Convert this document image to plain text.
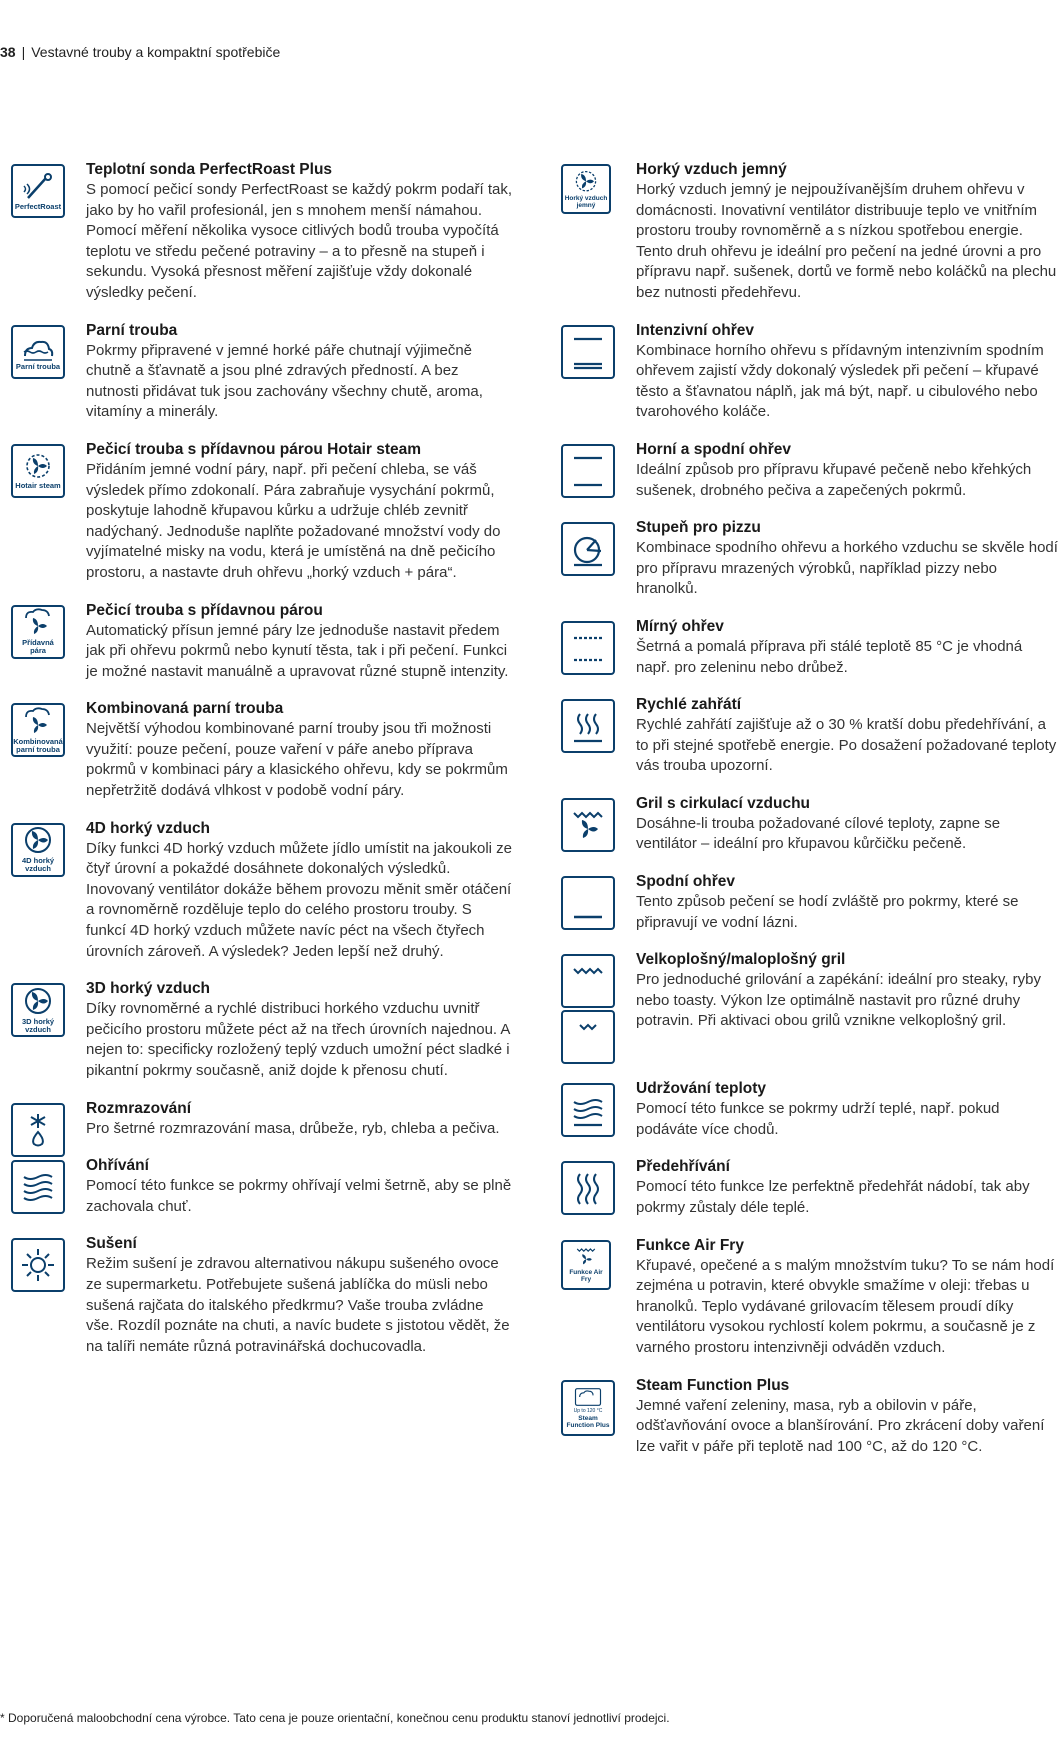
38 | Vestavné trouby a kompaktní spotřebiče
PerfectRoast
Teplotní sonda PerfectRoast Plus

S pomocí pečicí sondy PerfectRoast se každý pokrm podaří tak, jako by ho vařil profesionál, jen s mnohem menší námahou. Pomocí měření několika vysoce citlivých bodů trouba vypočítá teplotu ve středu pečené potraviny – a to přesně na stupeň i sekundu. Vysoká přesnost měření zajišťuje vždy dokonalé výsledky pečení.

Parní trouba
Parní trouba

Pokrmy připravené v jemné horké páře chutnají výjimečně chutně a šťavnatě a jsou plné zdravých předností. A bez nutnosti přidávat tuk jsou zachovány všechny chutě, aroma, vitamíny a minerály.

Hotair steam
Pečicí trouba s přídavnou párou Hotair steam

Přidáním jemné vodní páry, např. při pečení chleba, se váš výsledek přímo zdokonalí. Pára zabraňuje vysychání pokrmů, poskytuje lahodně křupavou kůrku a udržuje chléb zevnitř nadýchaný. Jednoduše naplňte požadované množství vody do vyjímatelné misky na vodu, která je umístěná na dně pečicího prostoru, a nastavte druh ohřevu „horký vzduch + pára“.

Přídavná pára
Pečicí trouba s přídavnou párou

Automatický přísun jemné páry lze jednoduše nastavit předem jak při ohřevu pokrmů nebo kynutí těsta, tak i při pečení. Funkci je možné nastavit manuálně a upravovat různé stupně intenzity.

Kombinovaná parní trouba
Kombinovaná parní trouba

Největší výhodou kombinované parní trouby jsou tři možnosti využití: pouze pečení, pouze vaření v páře anebo příprava pokrmů v kombinaci páry a klasického ohřevu, kdy se pokrmům nepřetržitě dodává vlhkost v podobě vodní páry.

4D horký vzduch
4D horký vzduch

Díky funkci 4D horký vzduch můžete jídlo umístit na jakoukoli ze čtyř úrovní a pokaždé dosáhnete dokonalých výsledků. Inovovaný ventilátor dokáže během provozu měnit směr otáčení a rovnoměrně rozděluje teplo do celého prostoru trouby. S funkcí 4D horký vzduch můžete navíc péct na všech čtyřech úrovních zároveň. A výsledek? Jeden lepší než druhý.

3D horký vzduch
3D horký vzduch

Díky rovnoměrné a rychlé distribuci horkého vzduchu uvnitř pečicího prostoru můžete péct až na třech úrovních najednou. A nejen to: specificky rozložený teplý vzduch umožní péct sladké i pikantní pokrmy současně, aniž dojde k přenosu chutí.

Rozmrazování

Pro šetrné rozmrazování masa, drůbeže, ryb, chleba a pečiva.

Ohřívání

Pomocí této funkce se pokrmy ohřívají velmi šetrně, aby se plně zachovala chuť.

Sušení

Režim sušení je zdravou alternativou nákupu sušeného ovoce ze supermarketu. Potřebujete sušená jablíčka do müsli nebo sušená rajčata do italského předkrmu? Vaše trouba zvládne vše. Rozdíl poznáte na chuti, a navíc budete s jistotou vědět, že na talíři nemáte různá potravinářská dochucovadla.

Horký vzduch jemný
Horký vzduch jemný

Horký vzduch jemný je nejpoužívanějším druhem ohřevu v domácnosti. Inovativní ventilátor distribuuje teplo ve vnitřním prostoru trouby rovnoměrně a s nízkou spotřebou energie. Tento druh ohřevu je ideální pro pečení na jedné úrovni a pro přípravu např. sušenek, dortů ve formě nebo koláčků na plechu bez nutnosti předehřevu.

Intenzivní ohřev

Kombinace horního ohřevu s přídavným intenzivním spodním ohřevem zajistí vždy dokonalý výsledek při pečení – křupavé těsto a šťavnatou náplň, jak má být, např. u cibulového nebo tvarohového koláče.

Horní a spodní ohřev

Ideální způsob pro přípravu křupavé pečeně nebo křehkých sušenek, drobného pečiva a zapečených pokrmů.

Stupeň pro pizzu

Kombinace spodního ohřevu a horkého vzduchu se skvěle hodí pro přípravu mrazených výrobků, například pizzy nebo hranolků.

Mírný ohřev

Šetrná a pomalá příprava při stálé teplotě 85 °C je vhodná např. pro zeleninu nebo drůbež.

Rychlé zahřátí

Rychlé zahřátí zajišťuje až o 30 % kratší dobu předehřívání, a to při stejné spotřebě energie. Po dosažení požadované teploty vás trouba upozorní.

Gril s cirkulací vzduchu

Dosáhne-li trouba požadované cílové teploty, zapne se ventilátor – ideální pro křupavou kůrčičku pečeně.

Spodní ohřev

Tento způsob pečení se hodí zvláště pro pokrmy, které se připravují ve vodní lázni.

Velkoplošný/maloplošný gril

Pro jednoduché grilování a zapékání: ideální pro steaky, ryby nebo toasty. Výkon lze optimálně nastavit pro různé druhy potravin. Při aktivaci obou grilů vznikne velkoplošný gril.

Udržování teploty

Pomocí této funkce se pokrmy udrží teplé, např. pokud podáváte více chodů.

Předehřívání

Pomocí této funkce lze perfektně předehřát nádobí, tak aby pokrmy zůstaly déle teplé.

Funkce Air Fry
Funkce Air Fry

Křupavé, opečené a s malým množstvím tuku? To se nám hodí zejména u potravin, které obvykle smažíme v oleji: třebas u hranolků. Teplo vydávané grilovacím tělesem proudí díky ventilátoru vysokou rychlostí kolem pokrmu, a současně je z varného prostoru intenzivněji odváděn vzduch.

Up to 120 °C
Steam Function Plus
Steam Function Plus

Jemné vaření zeleniny, masa, ryb a obilovin v páře, odšťavňování ovoce a blanšírování. Pro zkrácení doby vaření lze vařit v páře při teplotě nad 100 °C, až do 120 °C.

* Doporučená maloobchodní cena výrobce. Tato cena je pouze orientační, konečnou cenu produktu stanoví jednotliví prodejci.
